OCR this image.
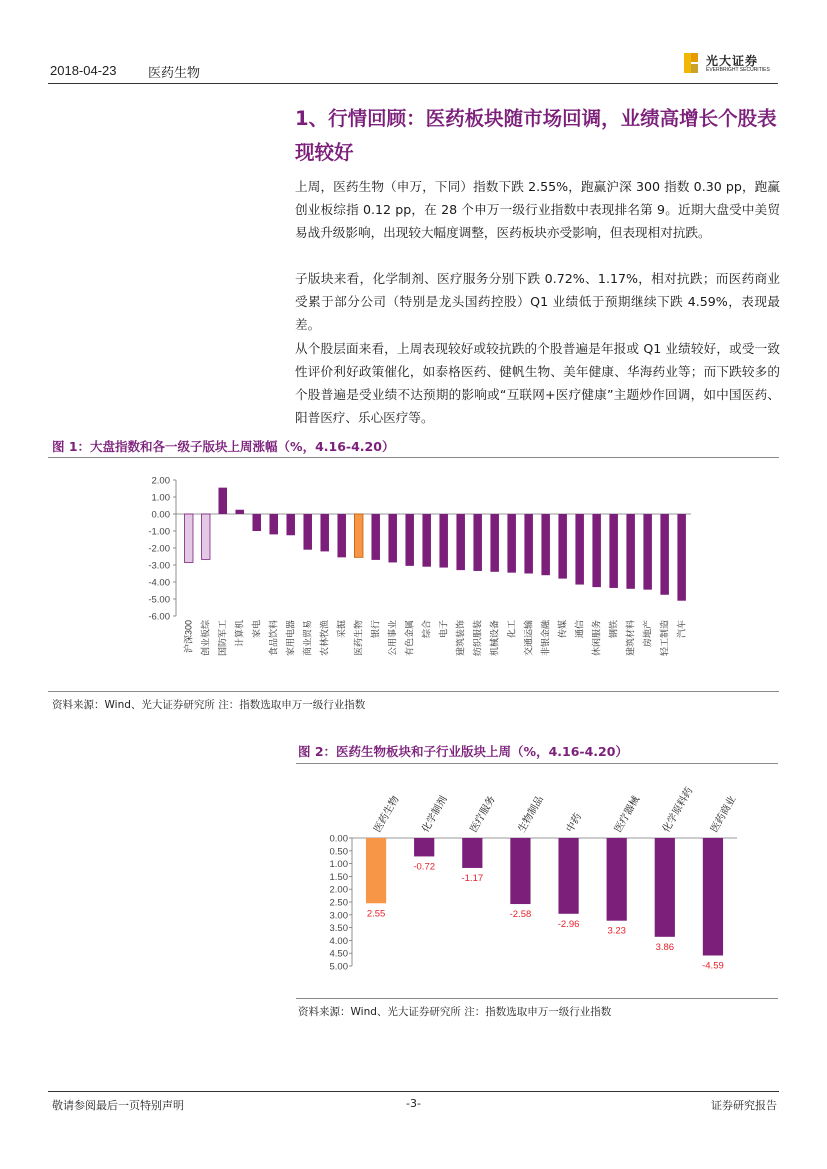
2018-04-23 医药生物
光大证券
EVERBRIGHT SECURITIES
1、行情回顾：医药板块随市场回调，业绩高增长个股表现较好

上周，医药生物（申万，下同）指数下跌 2.55%，跑赢沪深 300 指数 0.30 pp，跑赢创业板综指 0.12 pp，在 28 个申万一级行业指数中表现排名第 9。近期大盘受中美贸易战升级影响，出现较大幅度调整，医药板块亦受影响，但表现相对抗跌。

子版块来看，化学制剂、医疗服务分别下跌 0.72%、1.17%，相对抗跌；而医药商业受累于部分公司（特别是龙头国药控股）Q1 业绩低于预期继续下跌 4.59%，表现最差。

从个股层面来看，上周表现较好或较抗跌的个股普遍是年报或 Q1 业绩较好，或受一致性评价利好政策催化，如泰格医药、健帆生物、美年健康、华海药业等；而下跌较多的个股普遍是受业绩不达预期的影响或“互联网+医疗健康”主题炒作回调，如中国医药、阳普医疗、乐心医疗等。

图 1：大盘指数和各一级子版块上周涨幅（%，4.16-4.20）
2.00
1.00
0.00
-1.00
-2.00
-3.00
-4.00
-5.00
-6.00
沪深300 创业板综 国防军工 计算机 家电 食品饮料 家用电器 商业贸易 农林牧渔 采掘 医药生物 银行 公用事业 有色金属 综合 电子 建筑装饰 纺织服装 机械设备 化工 交通运输 非银金融 传媒 通信 休闲服务 钢铁 建筑材料 房地产 轻工制造 汽车
资料来源：Wind、光大证券研究所 注：指数选取申万一级行业指数
图 2：医药生物板块和子行业版块上周（%，4.16-4.20）
0.00
0.50
1.00
1.50
2.00
2.50
3.00
3.50
4.00
4.50
5.00
2.55
医药生物
-0.72
化学制剂
-1.17
医疗服务
-2.58
生物制品
-2.96
中药
3.23
医疗器械
3.86
化学原料药
-4.59
医药商业
资料来源：Wind、光大证券研究所 注：指数选取申万一级行业指数
敬请参阅最后一页特别声明	-3-	证券研究报告
